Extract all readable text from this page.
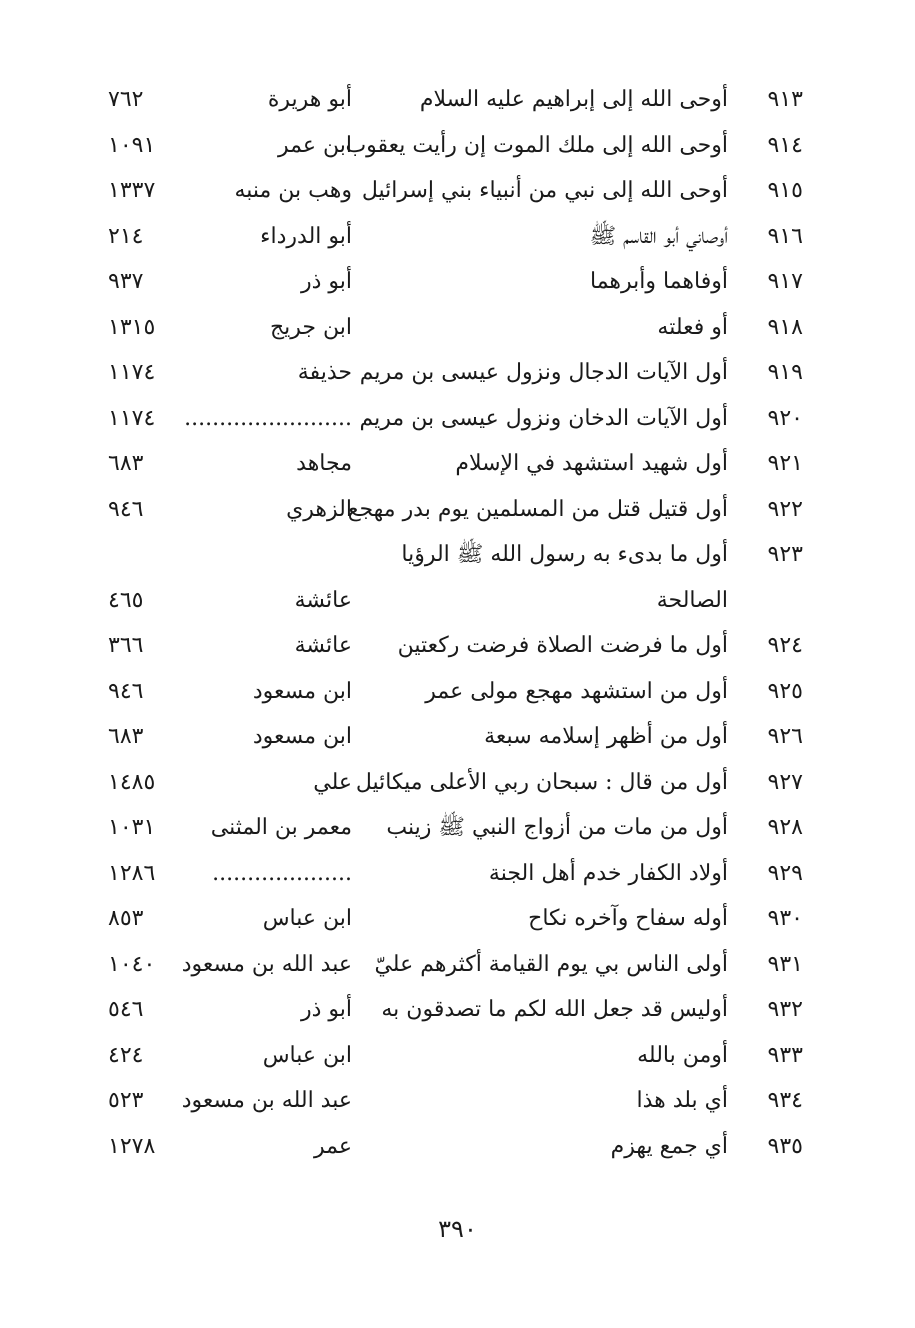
٩١٣
أوحى الله إلى إبراهيم عليه السلام
أبو هريرة
٧٦٢
٩١٤
أوحى الله إلى ملك الموت إن رأيت يعقوب
ابن عمر
١٠٩١
٩١٥
أوحى الله إلى نبي من أنبياء بني إسرائيل
وهب بن منبه
١٣٣٧
٩١٦
أوصاني أبو القاسم ﷺ
أبو الدرداء
٢١٤
٩١٧
أوفاهما وأبرهما
أبو ذر
٩٣٧
٩١٨
أو فعلته
ابن جريج
١٣١٥
٩١٩
أول الآيات الدجال ونزول عيسى بن مريم
حذيفة
١١٧٤
٩٢٠
أول الآيات الدخان ونزول عيسى بن مريم
........................
١١٧٤
٩٢١
أول شهيد استشهد في الإسلام
مجاهد
٦٨٣
٩٢٢
أول قتيل قتل من المسلمين يوم بدر مهجع
الزهري
٩٤٦
٩٢٣
أول ما بدىء به رسول الله ﷺ الرؤيا
الصالحة
عائشة
٤٦٥
٩٢٤
أول ما فرضت الصلاة فرضت ركعتين
عائشة
٣٦٦
٩٢٥
أول من استشهد مهجع مولى عمر
ابن مسعود
٩٤٦
٩٢٦
أول من أظهر إسلامه سبعة
ابن مسعود
٦٨٣
٩٢٧
أول من قال : سبحان ربي الأعلى ميكائيل
علي
١٤٨٥
٩٢٨
أول من مات من أزواج النبي ﷺ زينب
معمر بن المثنى
١٠٣١
٩٢٩
أولاد الكفار خدم أهل الجنة
....................
١٢٨٦
٩٣٠
أوله سفاح وآخره نكاح
ابن عباس
٨٥٣
٩٣١
أولى الناس بي يوم القيامة أكثرهم عليّ
عبد الله بن مسعود
١٠٤٠
٩٣٢
أوليس قد جعل الله لكم ما تصدقون به
أبو ذر
٥٤٦
٩٣٣
أومن بالله
ابن عباس
٤٢٤
٩٣٤
أي بلد هذا
عبد الله بن مسعود
٥٢٣
٩٣٥
أي جمع يهزم
عمر
١٢٧٨
٣٩٠
